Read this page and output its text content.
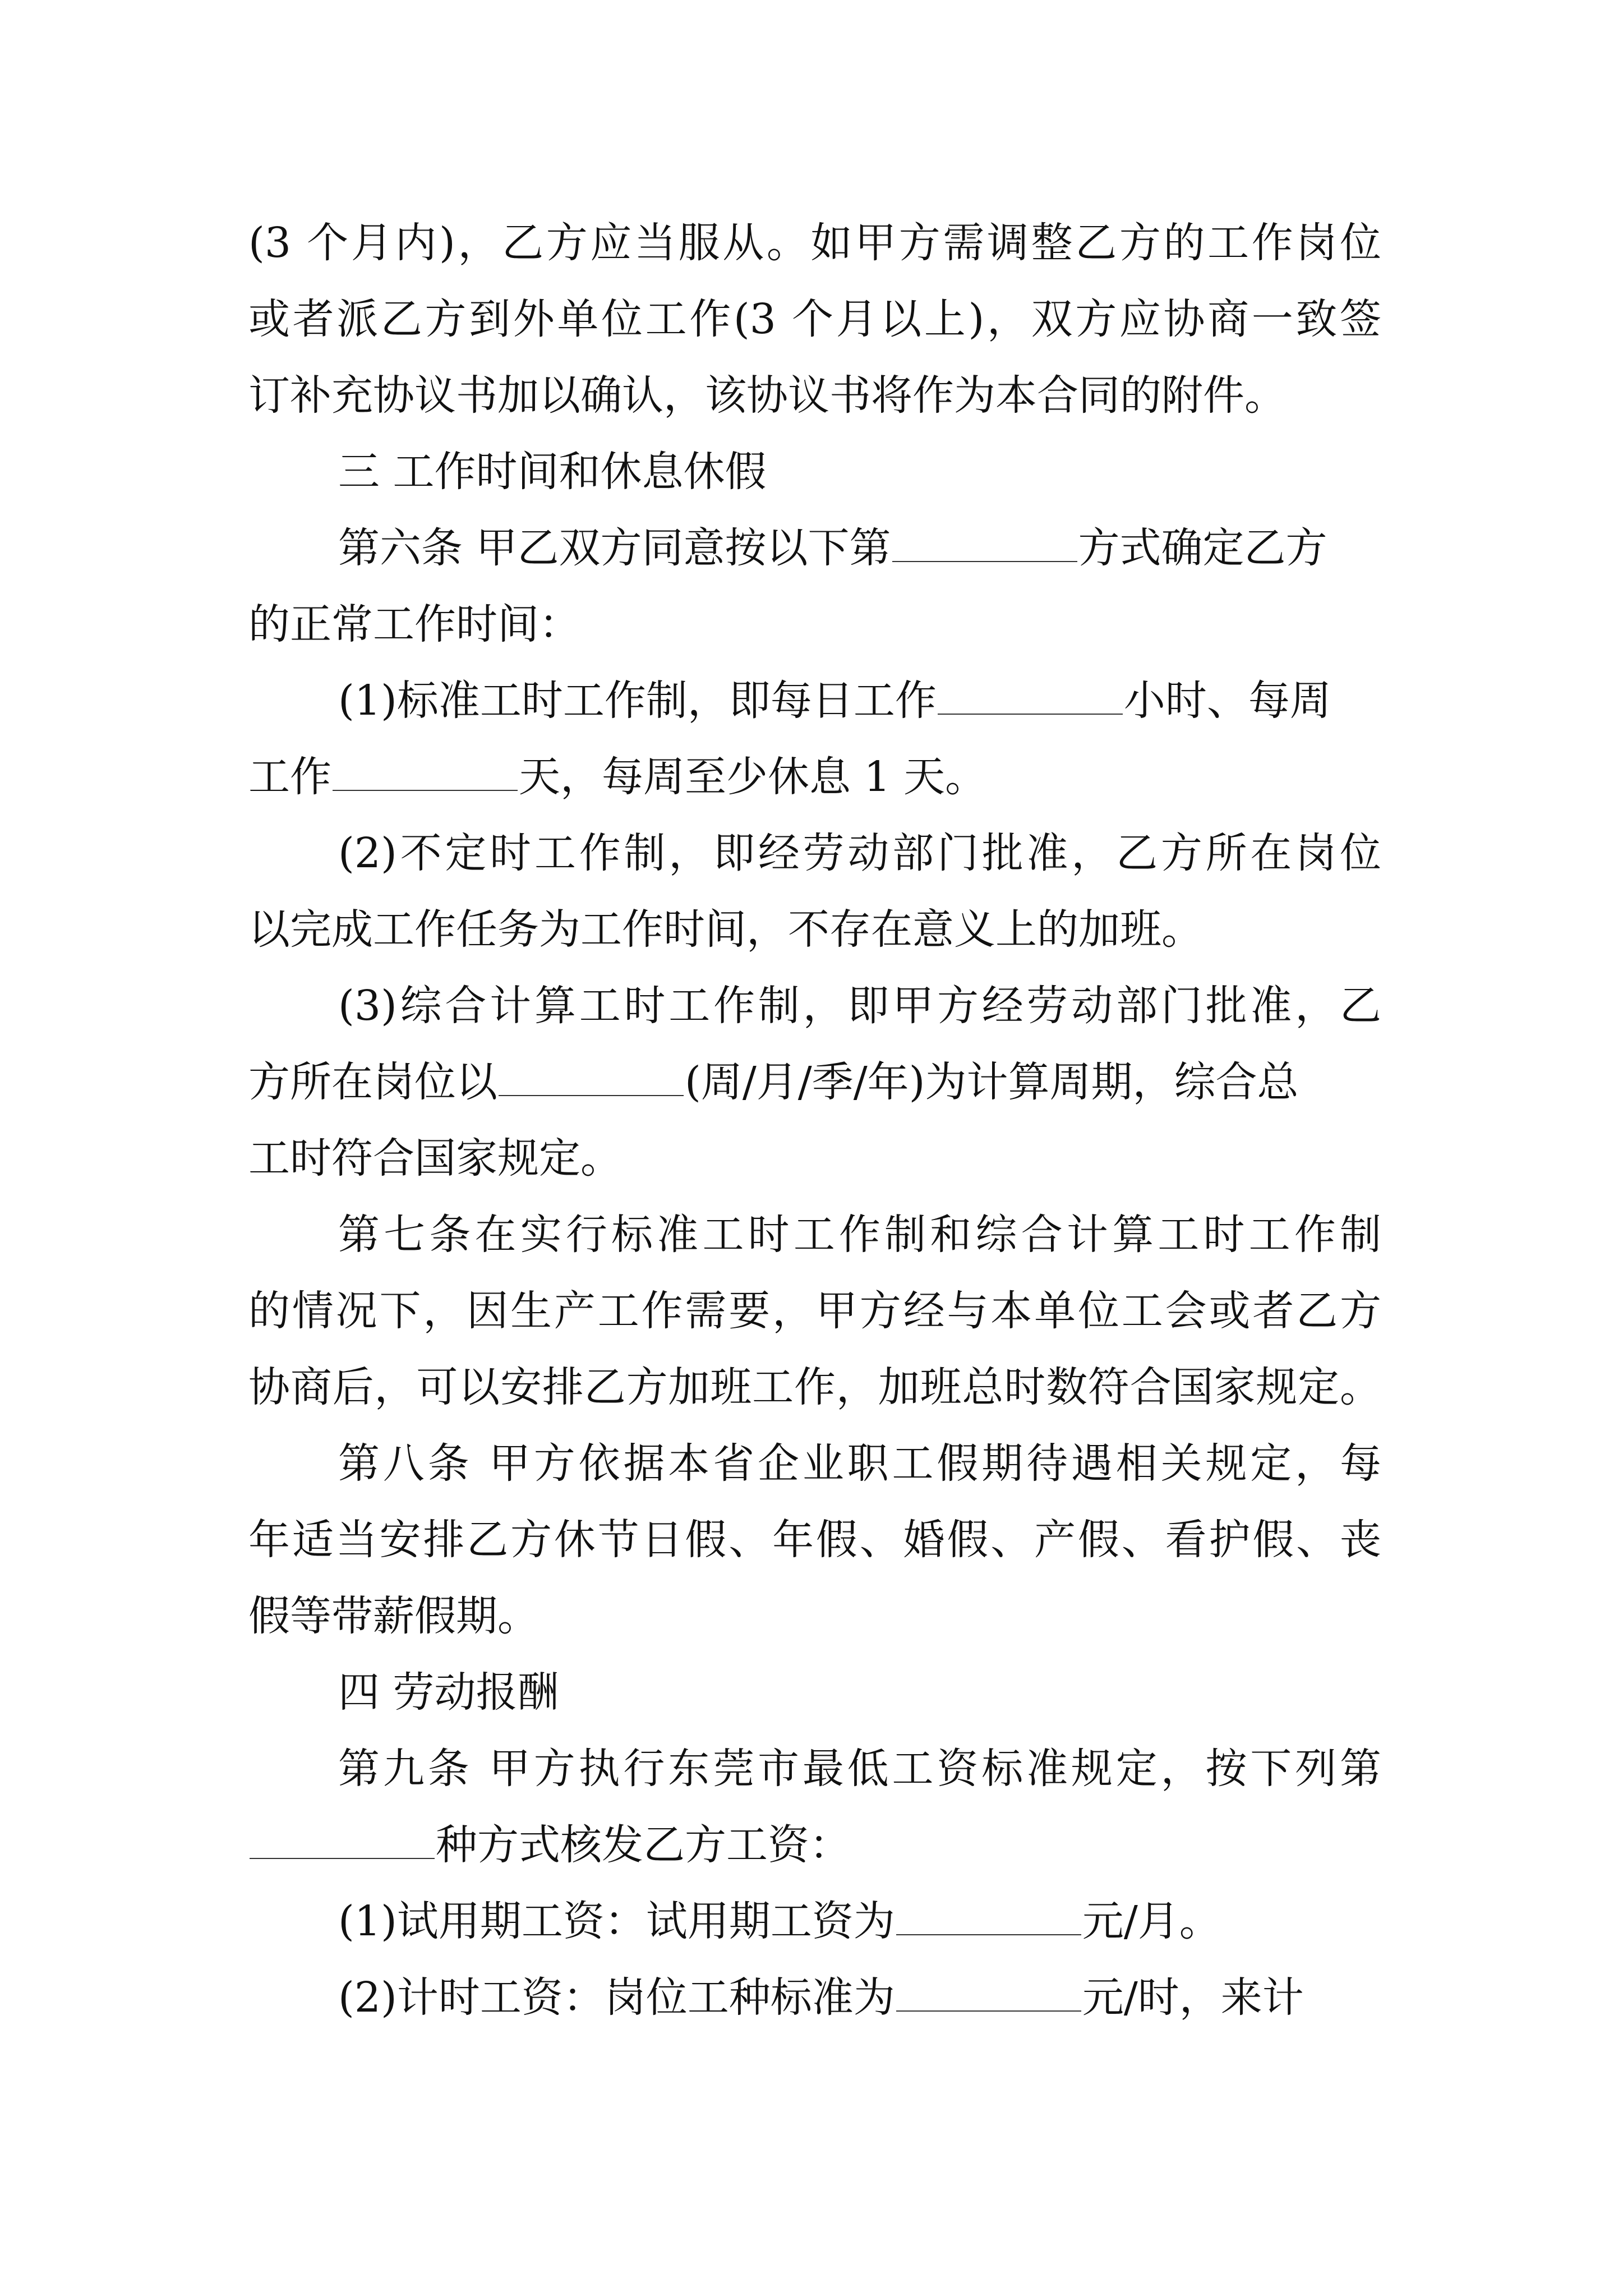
(3 个月内)，乙方应当服从。如甲方需调整乙方的工作岗位
或者派乙方到外单位工作(3 个月以上)，双方应协商一致签
订补充协议书加以确认，该协议书将作为本合同的附件。
三 工作时间和休息休假
第六条 甲乙双方同意按以下第	方式确定乙方
的正常工作时间：
(1)标准工时工作制，即每日工作	小时、每周
工作	天，每周至少休息 1 天。
(2)不定时工作制，即经劳动部门批准，乙方所在岗位
以完成工作任务为工作时间，不存在意义上的加班。
(3)综合计算工时工作制，即甲方经劳动部门批准，乙
方所在岗位以	(周/月/季/年)为计算周期，综合总
工时符合国家规定。
第七条在实行标准工时工作制和综合计算工时工作制
的情况下，因生产工作需要，甲方经与本单位工会或者乙方
协商后，可以安排乙方加班工作，加班总时数符合国家规定。
第八条 甲方依据本省企业职工假期待遇相关规定，每
年适当安排乙方休节日假、年假、婚假、产假、看护假、丧
假等带薪假期。
四 劳动报酬
第九条 甲方执行东莞市最低工资标准规定，按下列第
种方式核发乙方工资：
(1)试用期工资：试用期工资为	元/月。
(2)计时工资：岗位工种标准为	元/时，来计
